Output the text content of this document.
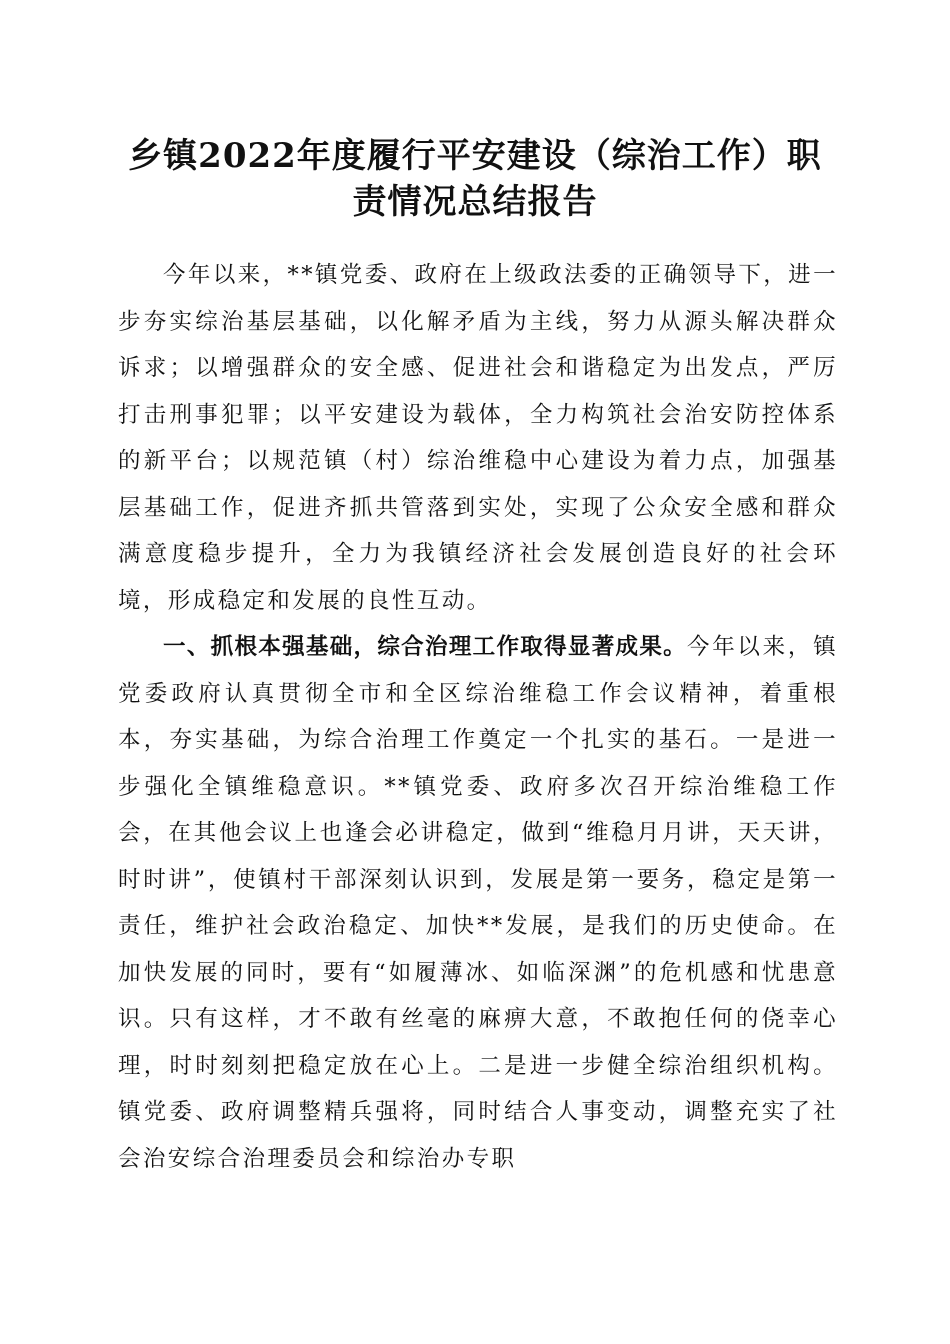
乡镇2022年度履行平安建设（综治工作）职
责情况总结报告

今年以来，**镇党委、政府在上级政法委的正确领导下，进一步夯实综治基层基础，以化解矛盾为主线，努力从源头解决群众诉求；以增强群众的安全感、促进社会和谐稳定为出发点，严厉打击刑事犯罪；以平安建设为载体，全力构筑社会治安防控体系的新平台；以规范镇（村）综治维稳中心建设为着力点，加强基层基础工作，促进齐抓共管落到实处，实现了公众安全感和群众满意度稳步提升，全力为我镇经济社会发展创造良好的社会环境，形成稳定和发展的良性互动。

一、抓根本强基础，综合治理工作取得显著成果。今年以来，镇党委政府认真贯彻全市和全区综治维稳工作会议精神，着重根本，夯实基础，为综合治理工作奠定一个扎实的基石。一是进一步强化全镇维稳意识。**镇党委、政府多次召开综治维稳工作会，在其他会议上也逢会必讲稳定，做到“维稳月月讲，天天讲，时时讲”，使镇村干部深刻认识到，发展是第一要务，稳定是第一责任，维护社会政治稳定、加快**发展，是我们的历史使命。在加快发展的同时，要有“如履薄冰、如临深渊”的危机感和忧患意识。只有这样，才不敢有丝毫的麻痹大意，不敢抱任何的侥幸心理，时时刻刻把稳定放在心上。二是进一步健全综治组织机构。镇党委、政府调整精兵强将，同时结合人事变动，调整充实了社会治安综合治理委员会和综治办专职
